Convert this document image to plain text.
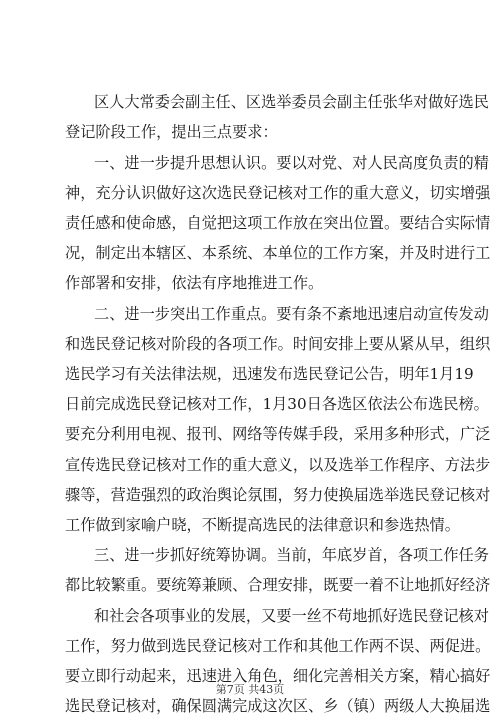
区人大常委会副主任、区选举委员会副主任张华对做好选民
登记阶段工作，提出三点要求：
一、进一步提升思想认识。要以对党、对人民高度负责的精
神，充分认识做好这次选民登记核对工作的重大意义，切实增强
责任感和使命感，自觉把这项工作放在突出位置。要结合实际情
况，制定出本辖区、本系统、本单位的工作方案，并及时进行工
作部署和安排，依法有序地推进工作。
二、进一步突出工作重点。要有条不紊地迅速启动宣传发动
和选民登记核对阶段的各项工作。时间安排上要从紧从早，组织
选民学习有关法律法规，迅速发布选民登记公告，明年1月19
日前完成选民登记核对工作，1月30日各选区依法公布选民榜。
要充分利用电视、报刊、网络等传媒手段，采用多种形式，广泛
宣传选民登记核对工作的重大意义，以及选举工作程序、方法步
骤等，营造强烈的政治舆论氛围，努力使换届选举选民登记核对
工作做到家喻户晓，不断提高选民的法律意识和参选热情。
三、进一步抓好统筹协调。当前，年底岁首，各项工作任务
都比较繁重。要统筹兼顾、合理安排，既要一着不让地抓好经济
和社会各项事业的发展，又要一丝不苟地抓好选民登记核对
工作，努力做到选民登记核对工作和其他工作两不误、两促进。
要立即行动起来，迅速进入角色，细化完善相关方案，精心搞好
选民登记核对，确保圆满完成这次区、乡（镇）两级人大换届选
第7页 共43页
